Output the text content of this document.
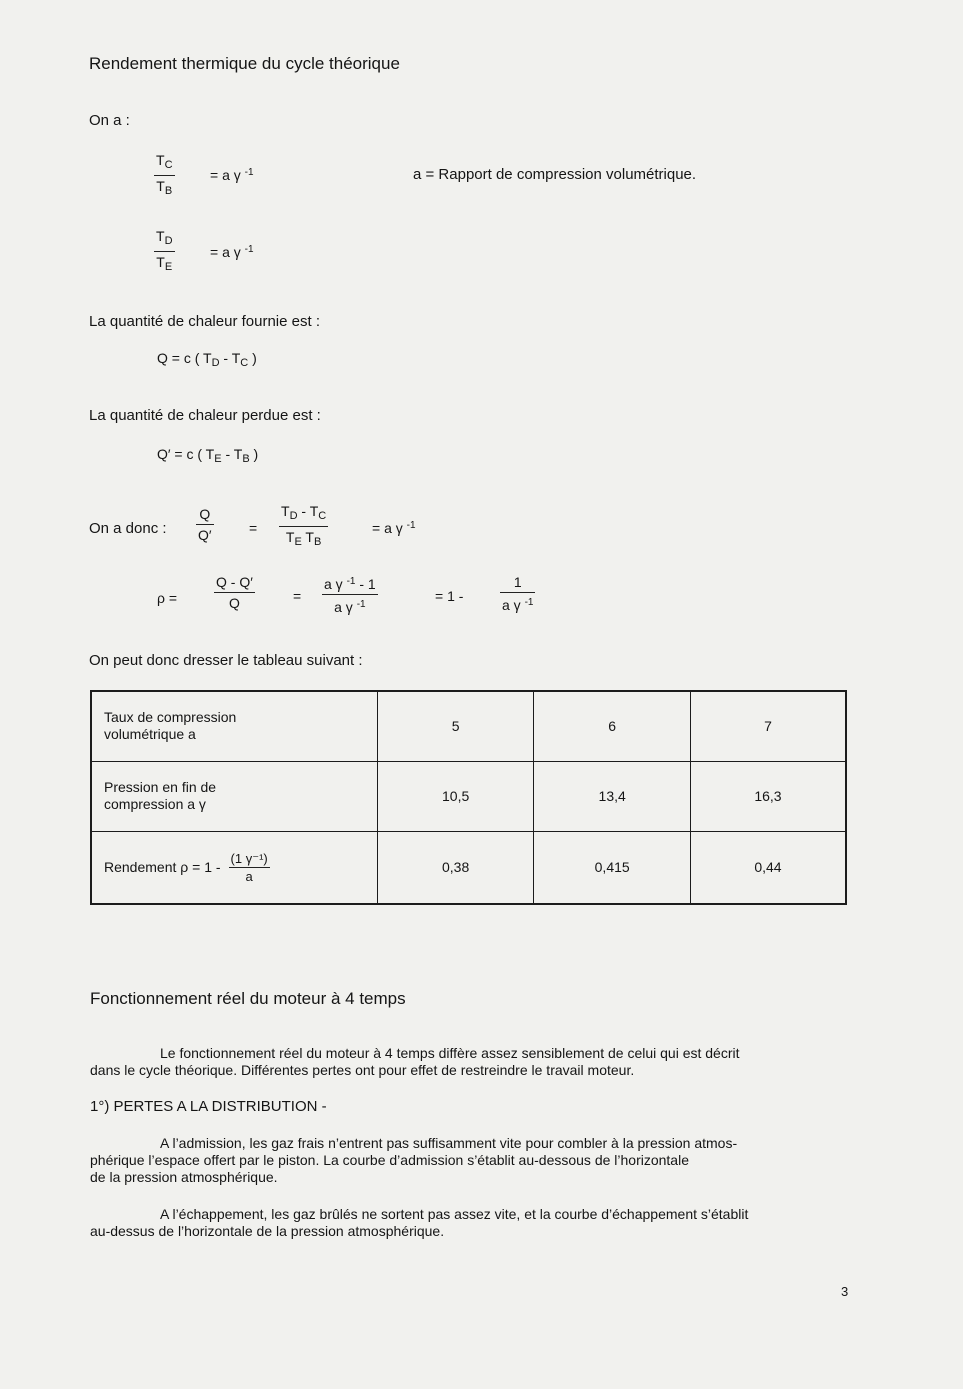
Rendement thermique du cycle théorique
On a :
$T_C$
$T_B$
= a γ $^{-1}$	a = Rapport de compression volumétrique.
$T_D$
$T_E$
= a γ $^{-1}$
La quantité de chaleur fournie est :
Q = c ( $T_D - T_C$ )
La quantité de chaleur perdue est :
Q′ = c ( $T_E - T_B$ )
On a donc :
Q
Q′	=
$T_D - T_C$
$T_E$ $T_B$
= a γ $^{-1}$
ρ =
Q - Q′
Q	=
a γ $^{-1}$ - 1
a γ $^{-1}$
= 1 -
1
a γ $^{-1}$
On peut donc dresser le tableau suivant :
Taux de compression
volumétrique a	5	6	7

Pression en fin de
compression a γ	10,5	13,4	16,3

Rendement ρ = 1 -
(1 γ⁻¹)
a	0,38	0,415	0,44
Fonctionnement réel du moteur à 4 temps
Le fonctionnement réel du moteur à 4 temps diffère assez sensiblement de celui qui est décrit
dans le cycle théorique. Différentes pertes ont pour effet de restreindre le travail moteur.
1°) PERTES A LA DISTRIBUTION -
A l’admission, les gaz frais n’entrent pas suffisamment vite pour combler à la pression atmos-
phérique l’espace offert par le piston. La courbe d’admission s’établit au-dessous de l’horizontale
de la pression atmosphérique.
A l’échappement, les gaz brûlés ne sortent pas assez vite, et la courbe d’échappement s’établit
au-dessus de l’horizontale de la pression atmosphérique.
3
